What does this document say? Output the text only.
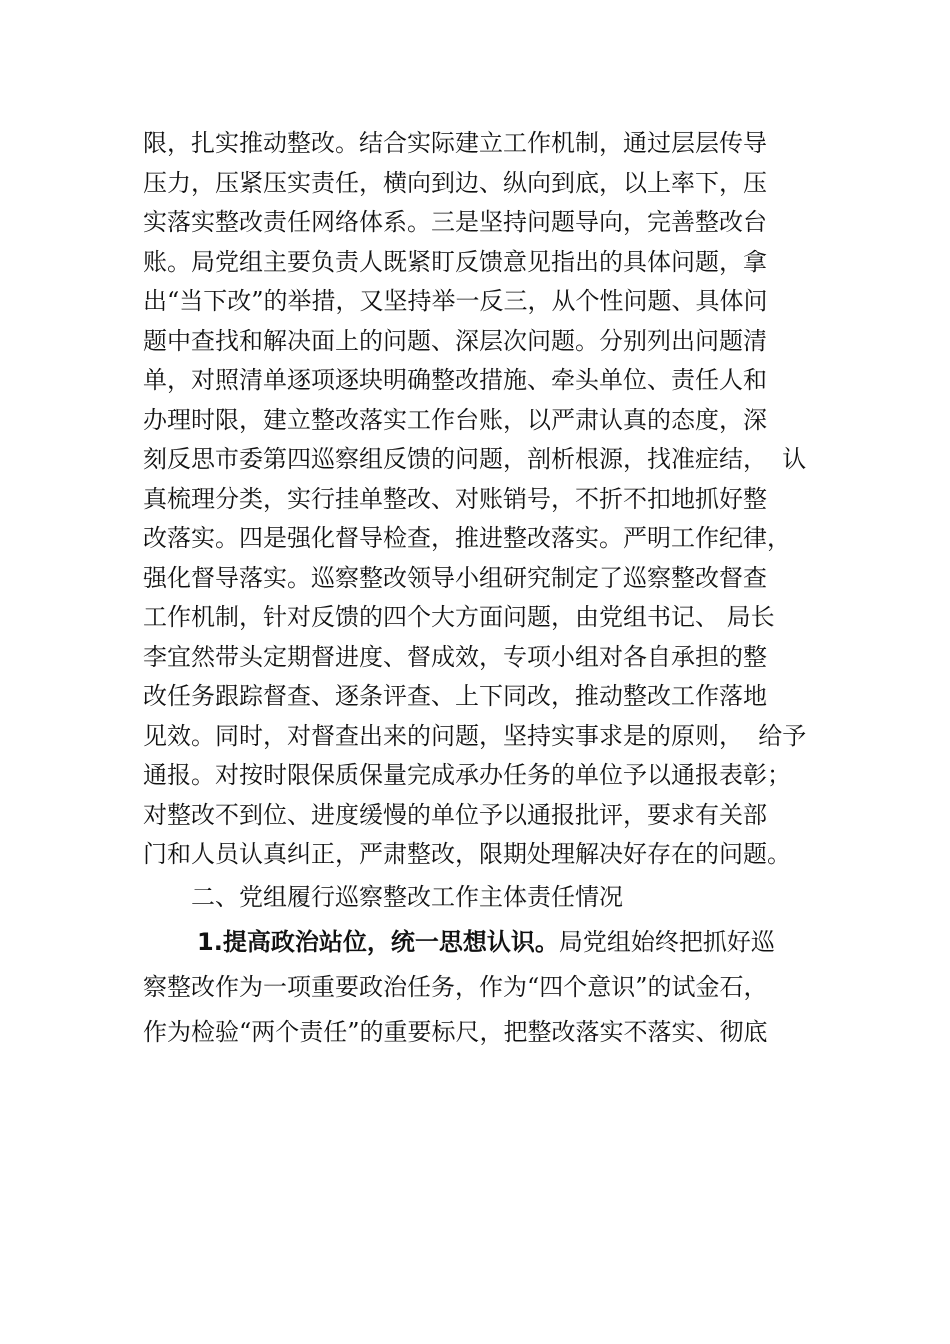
限，扎实推动整改。结合实际建立工作机制，通过层层传导
压力，压紧压实责任，横向到边、纵向到底，以上率下，压
实落实整改责任网络体系。三是坚持问题导向，完善整改台
账。局党组主要负责人既紧盯反馈意见指出的具体问题，拿
出“当下改”的举措，又坚持举一反三，从个性问题、具体问
题中查找和解决面上的问题、深层次问题。分别列出问题清
单，对照清单逐项逐块明确整改措施、牵头单位、责任人和
办理时限，建立整改落实工作台账，以严肃认真的态度，深
刻反思市委第四巡察组反馈的问题，剖析根源，找准症结，  认
真梳理分类，实行挂单整改、对账销号，不折不扣地抓好整
改落实。四是强化督导检查，推进整改落实。严明工作纪律，
强化督导落实。巡察整改领导小组研究制定了巡察整改督查
工作机制，针对反馈的四个大方面问题，由党组书记、 局长
李宜然带头定期督进度、督成效，专项小组对各自承担的整
改任务跟踪督查、逐条评查、上下同改，推动整改工作落地
见效。同时，对督查出来的问题，坚持实事求是的原则，  给予
通报。对按时限保质保量完成承办任务的单位予以通报表彰；
对整改不到位、进度缓慢的单位予以通报批评，要求有关部
门和人员认真纠正，严肃整改，限期处理解决好存在的问题。
二、党组履行巡察整改工作主体责任情况
1.提高政治站位，统一思想认识。局党组始终把抓好巡
察整改作为一项重要政治任务，作为“四个意识”的试金石，
作为检验“两个责任”的重要标尺，把整改落实不落实、彻底
